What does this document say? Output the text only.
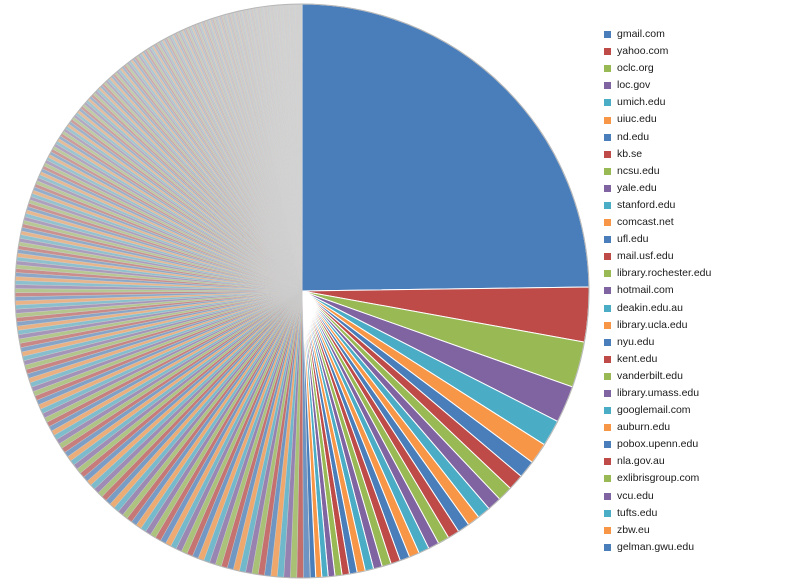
gmail.com
yahoo.com
oclc.org
loc.gov
umich.edu
uiuc.edu
nd.edu
kb.se
ncsu.edu
yale.edu
stanford.edu
comcast.net
ufl.edu
mail.usf.edu
library.rochester.edu
hotmail.com
deakin.edu.au
library.ucla.edu
nyu.edu
kent.edu
vanderbilt.edu
library.umass.edu
googlemail.com
auburn.edu
pobox.upenn.edu
nla.gov.au
exlibrisgroup.com
vcu.edu
tufts.edu
zbw.eu
gelman.gwu.edu
